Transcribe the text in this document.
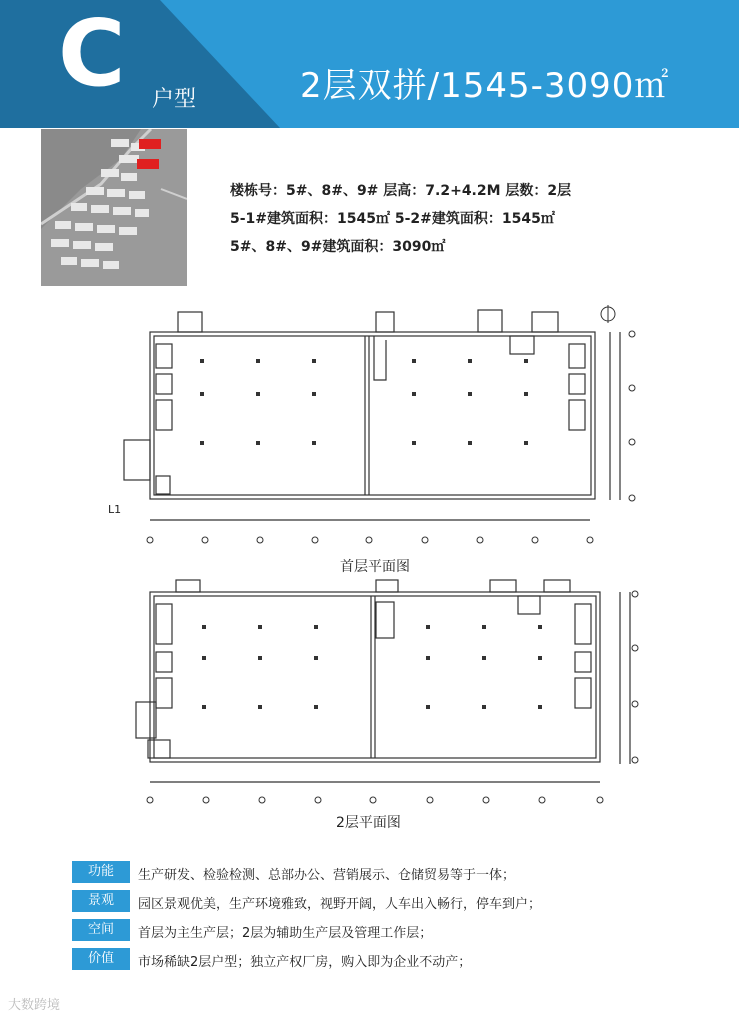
C 户型	2层双拼/1545-3090㎡
楼栋号：5#、8#、9# 层高：7.2+4.2M 层数：2层
5-1#建筑面积：1545㎡ 5-2#建筑面积：1545㎡
5#、8#、9#建筑面积：3090㎡
L1
首层平面图
2层平面图
功能	生产研发、检验检测、总部办公、营销展示、仓储贸易等于一体；
景观	园区景观优美，生产环境雅致，视野开阔，人车出入畅行，停车到户；
空间	首层为主生产层；2层为辅助生产层及管理工作层；
价值	市场稀缺2层户型；独立产权厂房，购入即为企业不动产；
大数跨境
